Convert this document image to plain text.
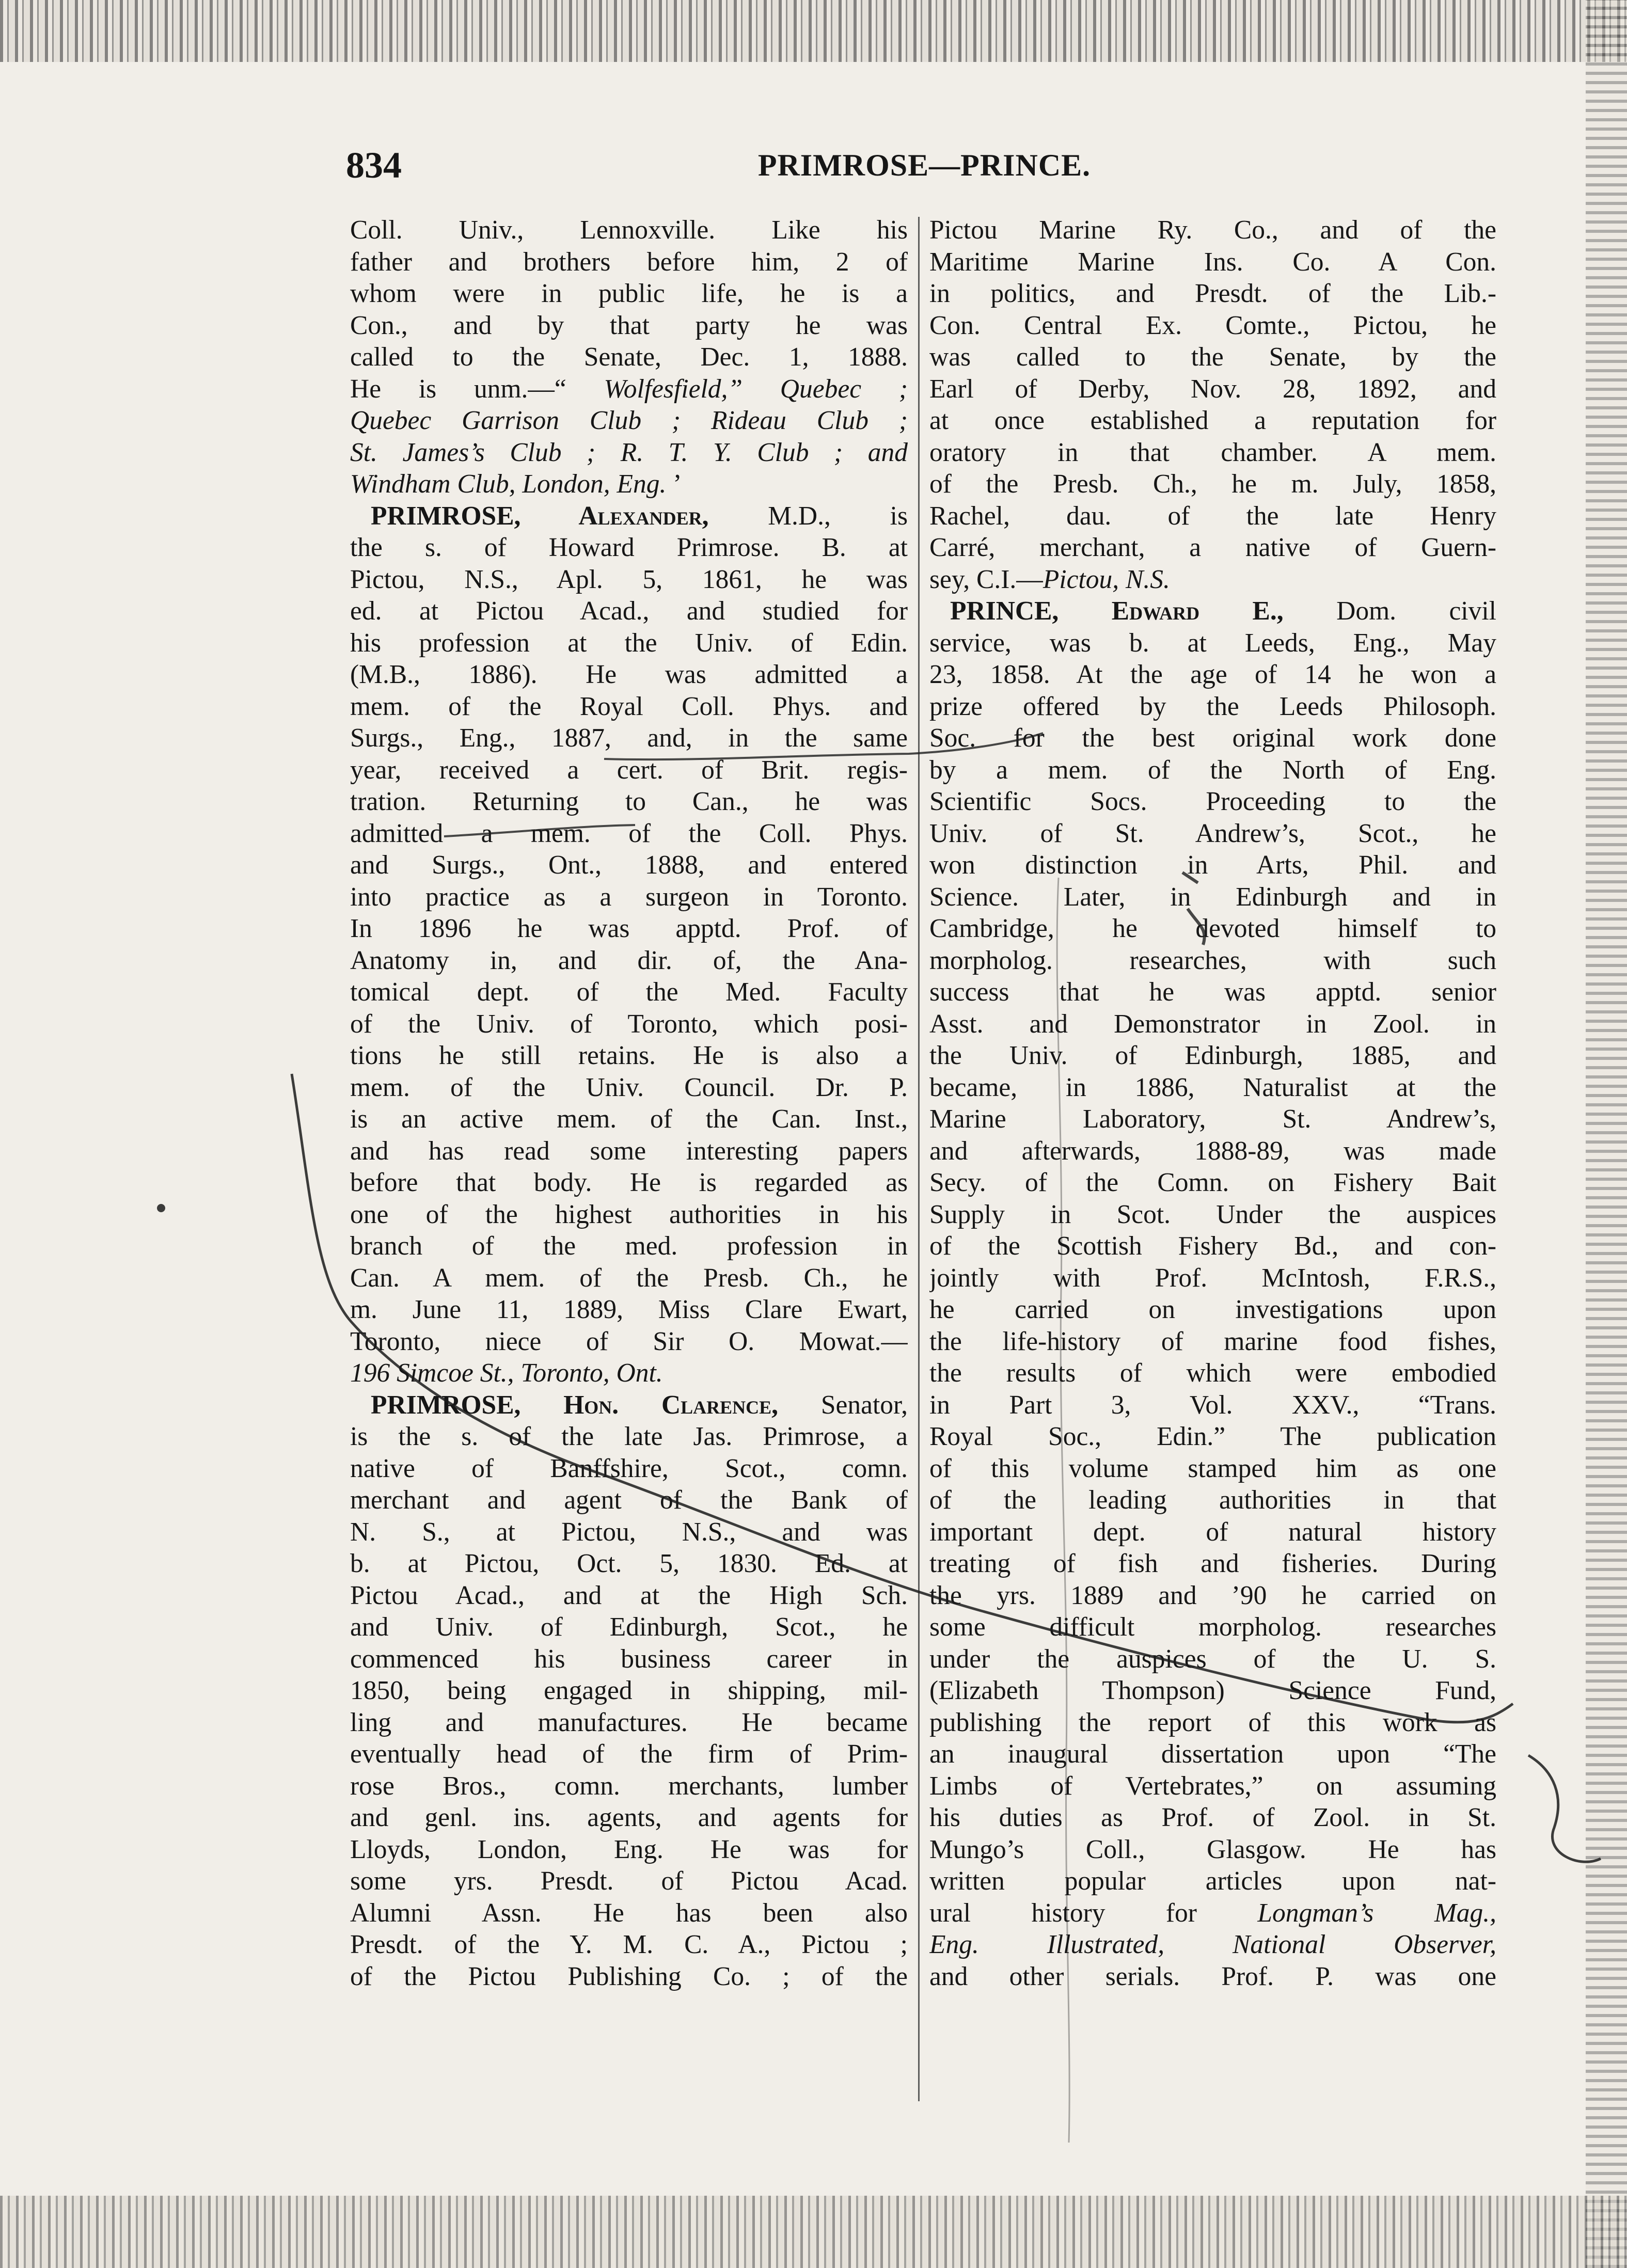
834	PRIMROSE—PRINCE.
Coll. Univ., Lennoxville. Like his
father and brothers before him, 2 of
whom were in public life, he is a
Con., and by that party he was
called to the Senate, Dec. 1, 1888.
He is unm.—“ Wolfesfield,” Quebec ;
Quebec Garrison Club ; Rideau Club ;
St. James’s Club ; R. T. Y. Club ; and
Windham Club, London, Eng. ’
PRIMROSE, Alexander, M.D., is
the s. of Howard Primrose. B. at
Pictou, N.S., Apl. 5, 1861, he was
ed. at Pictou Acad., and studied for
his profession at the Univ. of Edin.
(M.B., 1886). He was admitted a
mem. of the Royal Coll. Phys. and
Surgs., Eng., 1887, and, in the same
year, received a cert. of Brit. regis-
tration. Returning to Can., he was
admitted a mem. of the Coll. Phys.
and Surgs., Ont., 1888, and entered
into practice as a surgeon in Toronto.
In 1896 he was apptd. Prof. of
Anatomy in, and dir. of, the Ana-
tomical dept. of the Med. Faculty
of the Univ. of Toronto, which posi-
tions he still retains. He is also a
mem. of the Univ. Council. Dr. P.
is an active mem. of the Can. Inst.,
and has read some interesting papers
before that body. He is regarded as
one of the highest authorities in his
branch of the med. profession in
Can. A mem. of the Presb. Ch., he
m. June 11, 1889, Miss Clare Ewart,
Toronto, niece of Sir O. Mowat.—
196 Simcoe St., Toronto, Ont.
PRIMROSE, Hon. Clarence, Senator,
is the s. of the late Jas. Primrose, a
native of Banffshire, Scot., comn.
merchant and agent of the Bank of
N. S., at Pictou, N.S., and was
b. at Pictou, Oct. 5, 1830. Ed. at
Pictou Acad., and at the High Sch.
and Univ. of Edinburgh, Scot., he
commenced his business career in
1850, being engaged in shipping, mil-
ling and manufactures. He became
eventually head of the firm of Prim-
rose Bros., comn. merchants, lumber
and genl. ins. agents, and agents for
Lloyds, London, Eng. He was for
some yrs. Presdt. of Pictou Acad.
Alumni Assn. He has been also
Presdt. of the Y. M. C. A., Pictou ;
of the Pictou Publishing Co. ; of the
Pictou Marine Ry. Co., and of the
Maritime Marine Ins. Co. A Con.
in politics, and Presdt. of the Lib.-
Con. Central Ex. Comte., Pictou, he
was called to the Senate, by the
Earl of Derby, Nov. 28, 1892, and
at once established a reputation for
oratory in that chamber. A mem.
of the Presb. Ch., he m. July, 1858,
Rachel, dau. of the late Henry
Carré, merchant, a native of Guern-
sey, C.I.—Pictou, N.S.
PRINCE, Edward E., Dom. civil
service, was b. at Leeds, Eng., May
23, 1858. At the age of 14 he won a
prize offered by the Leeds Philosoph.
Soc. for the best original work done
by a mem. of the North of Eng.
Scientific Socs. Proceeding to the
Univ. of St. Andrew’s, Scot., he
won distinction in Arts, Phil. and
Science. Later, in Edinburgh and in
Cambridge, he devoted himself to
morpholog. researches, with such
success that he was apptd. senior
Asst. and Demonstrator in Zool. in
the Univ. of Edinburgh, 1885, and
became, in 1886, Naturalist at the
Marine Laboratory, St. Andrew’s,
and afterwards, 1888-89, was made
Secy. of the Comn. on Fishery Bait
Supply in Scot. Under the auspices
of the Scottish Fishery Bd., and con-
jointly with Prof. McIntosh, F.R.S.,
he carried on investigations upon
the life-history of marine food fishes,
the results of which were embodied
in Part 3, Vol. XXV., “Trans.
Royal Soc., Edin.” The publication
of this volume stamped him as one
of the leading authorities in that
important dept. of natural history
treating of fish and fisheries. During
the yrs. 1889 and ’90 he carried on
some difficult morpholog. researches
under the auspices of the U. S.
(Elizabeth Thompson) Science Fund,
publishing the report of this work as
an inaugural dissertation upon “The
Limbs of Vertebrates,” on assuming
his duties as Prof. of Zool. in St.
Mungo’s Coll., Glasgow. He has
written popular articles upon nat-
ural history for Longman’s Mag.,
Eng. Illustrated, National Observer,
and other serials. Prof. P. was one
